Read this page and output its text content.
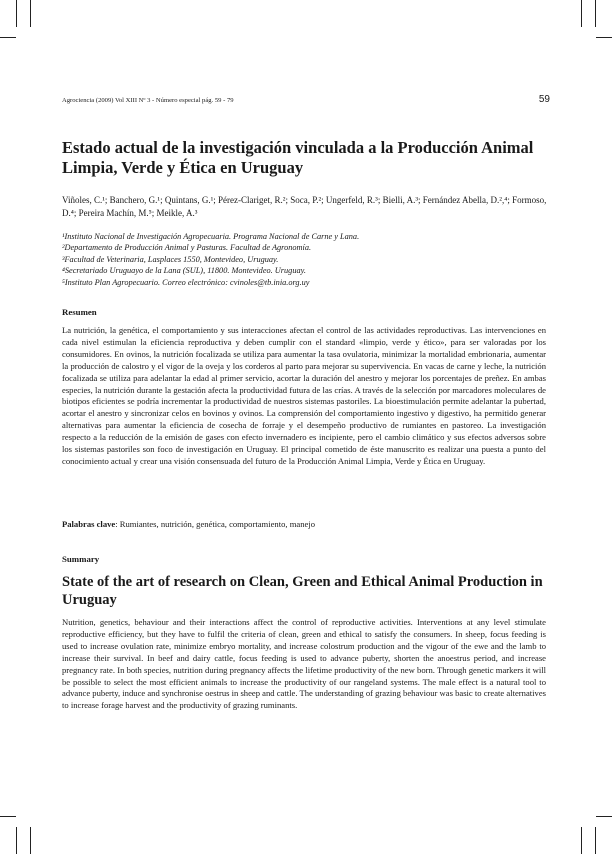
Agrociencia (2009) Vol XIII Nº 3 - Número especial pág. 59 - 79	59
Estado actual de la investigación vinculada a la Producción Animal Limpia, Verde y Ética en Uruguay
Viñoles, C.¹; Banchero, G.¹; Quintans, G.¹; Pérez-Clariget, R.²; Soca, P.²; Ungerfeld, R.³; Bielli, A.³; Fernández Abella, D.²,⁴; Formoso, D.⁴; Pereira Machín, M.⁵; Meikle, A.³
¹Instituto Nacional de Investigación Agropecuaria. Programa Nacional de Carne y Lana.
²Departamento de Producción Animal y Pasturas. Facultad de Agronomía.
³Facultad de Veterinaria, Lasplaces 1550, Montevideo, Uruguay.
⁴Secretariado Uruguayo de la Lana (SUL), 11800. Montevideo. Uruguay.
⁵Instituto Plan Agropecuario. Correo electrónico: cvinoles@tb.inia.org.uy
Resumen

La nutrición, la genética, el comportamiento y sus interacciones afectan el control de las actividades reproductivas. Las intervenciones en cada nivel estimulan la eficiencia reproductiva y deben cumplir con el standard «limpio, verde y ético», para ser valoradas por los consumidores. En ovinos, la nutrición focalizada se utiliza para aumentar la tasa ovulatoria, minimizar la mortalidad embrionaria, aumentar la producción de calostro y el vigor de la oveja y los corderos al parto para mejorar su supervivencia. En vacas de carne y leche, la nutrición focalizada se utiliza para adelantar la edad al primer servicio, acortar la duración del anestro y mejorar los porcentajes de preñez. En ambas especies, la nutrición durante la gestación afecta la productividad futura de las crías. A través de la selección por marcadores moleculares de biotipos eficientes se podría incrementar la productividad de nuestros sistemas pastoriles. La bioestimulación permite adelantar la pubertad, acortar el anestro y sincronizar celos en bovinos y ovinos. La comprensión del comportamiento ingestivo y digestivo, ha permitido generar alternativas para aumentar la eficiencia de cosecha de forraje y el desempeño productivo de rumiantes en pastoreo. La investigación respecto a la reducción de la emisión de gases con efecto invernadero es incipiente, pero el cambio climático y sus efectos adversos sobre los sistemas pastoriles son foco de investigación en Uruguay. El principal cometido de éste manuscrito es realizar una puesta a punto del conocimiento actual y crear una visión consensuada del futuro de la Producción Animal Limpia, Verde y Ética en Uruguay.

Palabras clave: Rumiantes, nutrición, genética, comportamiento, manejo
Summary
State of the art of research on Clean, Green and Ethical Animal Production in Uruguay

Nutrition, genetics, behaviour and their interactions affect the control of reproductive activities. Interventions at any level stimulate reproductive efficiency, but they have to fulfil the criteria of clean, green and ethical to satisfy the consumers. In sheep, focus feeding is used to increase ovulation rate, minimize embryo mortality, and increase colostrum production and the vigour of the ewe and the lamb to increase their survival. In beef and dairy cattle, focus feeding is used to advance puberty, shorten the anoestrus period, and increase pregnancy rate. In both species, nutrition during pregnancy affects the lifetime productivity of the new born. Through genetic markers it will be possible to select the most efficient animals to increase the productivity of our rangeland systems. The male effect is a natural tool to advance puberty, induce and synchronise oestrus in sheep and cattle. The understanding of grazing behaviour was basic to create alternatives to increase forage harvest and the productivity of grazing ruminants.
